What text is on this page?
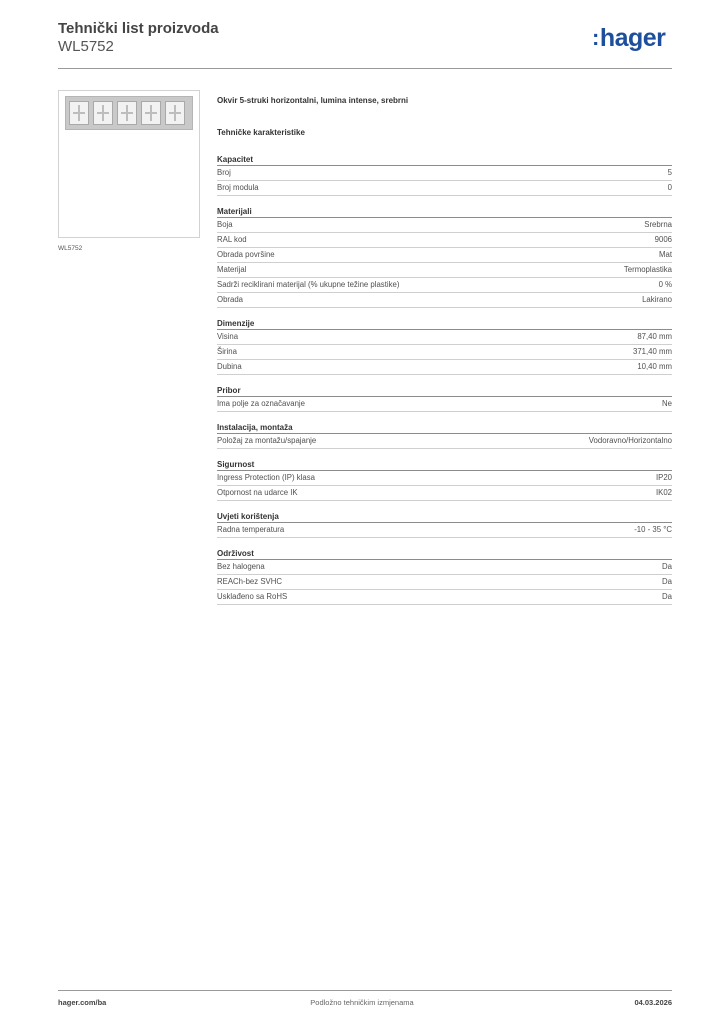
Tehnički list proizvoda
WL5752	:hager
WL5752
Okvir 5-struki horizontalni, lumina intense, srebrni
Tehničke karakteristike
Kapacitet
Broj	5
Broj modula	0
Materijali
Boja	Srebrna
RAL kod	9006
Obrada površine	Mat
Materijal	Termoplastika
Sadrži reciklirani materijal (% ukupne težine plastike)	0 %
Obrada	Lakirano
Dimenzije
Visina	87,40 mm
Širina	371,40 mm
Dubina	10,40 mm
Pribor
Ima polje za označavanje	Ne
Instalacija, montaža
Položaj za montažu/spajanje	Vodoravno/Horizontalno
Sigurnost
Ingress Protection (IP) klasa	IP20
Otpornost na udarce IK	IK02
Uvjeti korištenja
Radna temperatura	-10 - 35 °C
Održivost
Bez halogena	Da
REACh-bez SVHC	Da
Usklađeno sa RoHS	Da
hager.com/ba	Podložno tehničkim izmjenama	04.03.2026
